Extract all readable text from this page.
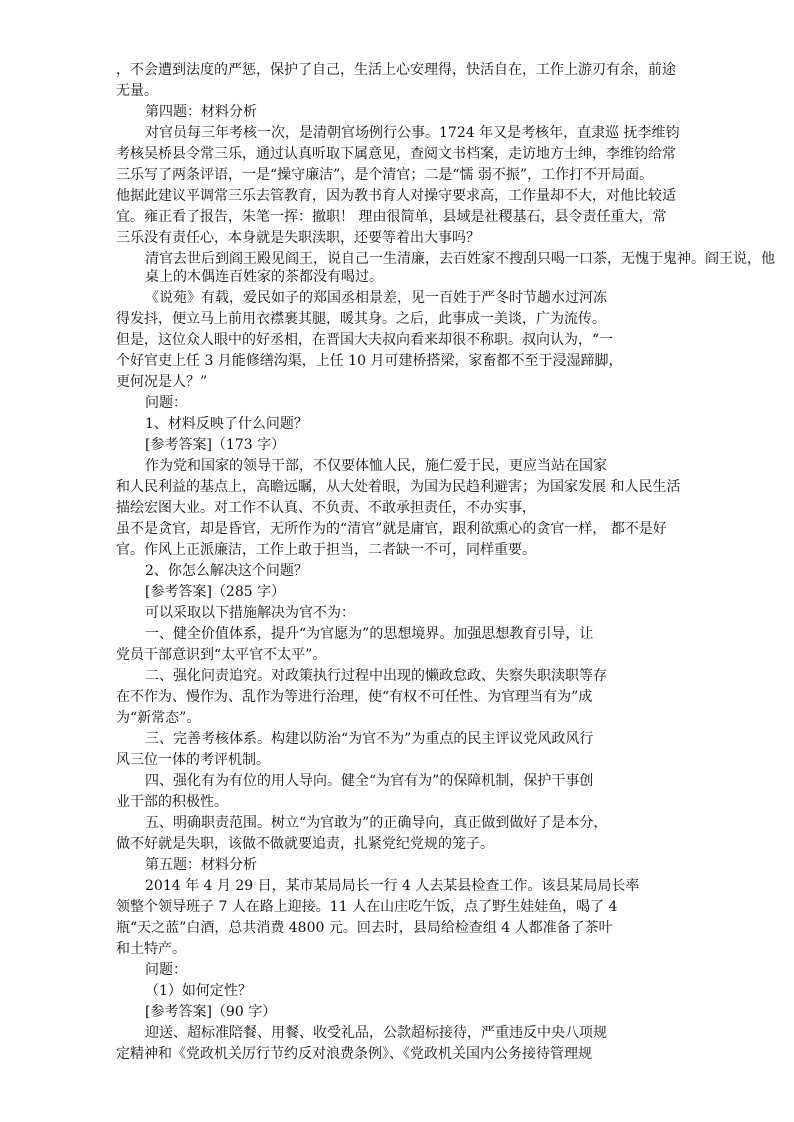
，不会遭到法度的严惩，保护了自己，生活上心安理得，快活自在，工作上游刃有余，前途
无量。
第四题：材料分析
对官员每三年考核一次，是清朝官场例行公事。1724 年又是考核年，直隶巡 抚李维钧
考核吴桥县令常三乐，通过认真听取下属意见，查阅文书档案，走访地方士绅，李维钧给常
三乐写了两条评语，一是“操守廉洁”，是个清官；二是“懦 弱不振”，工作打不开局面。
他据此建议平调常三乐去管教育，因为教书育人对操守要求高，工作量却不大，对他比较适
宜。雍正看了报告，朱笔一挥：撤职！ 理由很简单，县域是社稷基石，县令责任重大，常
三乐没有责任心，本身就是失职渎职，还要等着出大事吗？
清官去世后到阎王殿见阎王，说自己一生清廉，去百姓家不搜刮只喝一口茶，无愧于鬼神。阎王说，他
桌上的木偶连百姓家的茶都没有喝过。
《说苑》有载，爱民如子的郑国丞相景差，见一百姓于严冬时节趟水过河冻
得发抖，便立马上前用衣襟裹其腿，暖其身。之后，此事成一美谈，广为流传。
但是，这位众人眼中的好丞相，在晋国大夫叔向看来却很不称职。叔向认为，“一
个好官吏上任 3 月能修缮沟渠，上任 10 月可建桥搭梁，家畜都不至于浸湿蹄脚，
更何况是人？”
问题：
1、材料反映了什么问题？
[参考答案]（173 字）
作为党和国家的领导干部，不仅要体恤人民，施仁爱于民，更应当站在国家
和人民利益的基点上，高瞻远瞩，从大处着眼，为国为民趋利避害；为国家发展 和人民生活
描绘宏图大业。对工作不认真、不负责、不敢承担责任，不办实事，
虽不是贪官，却是昏官，无所作为的“清官”就是庸官，跟利欲熏心的贪官一样， 都不是好
官。作风上正派廉洁，工作上敢于担当，二者缺一不可，同样重要。
2、你怎么解决这个问题？
[参考答案]（285 字）
可以采取以下措施解决为官不为：
一、健全价值体系，提升“为官愿为”的思想境界。加强思想教育引导，让
党员干部意识到“太平官不太平”。
二、强化问责追究。对政策执行过程中出现的懒政怠政、失察失职渎职等存
在不作为、慢作为、乱作为等进行治理，使“有权不可任性、为官理当有为”成
为“新常态”。
三、完善考核体系。构建以防治“为官不为”为重点的民主评议党风政风行
风三位一体的考评机制。
四、强化有为有位的用人导向。健全“为官有为”的保障机制，保护干事创
业干部的积极性。
五、明确职责范围。树立“为官敢为”的正确导向，真正做到做好了是本分，
做不好就是失职，该做不做就要追责，扎紧党纪党规的笼子。
第五题：材料分析
2014 年 4 月 29 日，某市某局局长一行 4 人去某县检查工作。该县某局局长率
领整个领导班子 7 人在路上迎接。11 人在山庄吃午饭，点了野生娃娃鱼，喝了 4
瓶“天之蓝”白酒，总共消费 4800 元。回去时，县局给检查组 4 人都准备了茶叶
和土特产。
问题：
（1）如何定性？
[参考答案]（90 字）
迎送、超标准陪餐、用餐、收受礼品，公款超标接待，严重违反中央八项规
定精神和《党政机关厉行节约反对浪费条例》、《党政机关国内公务接待管理规
